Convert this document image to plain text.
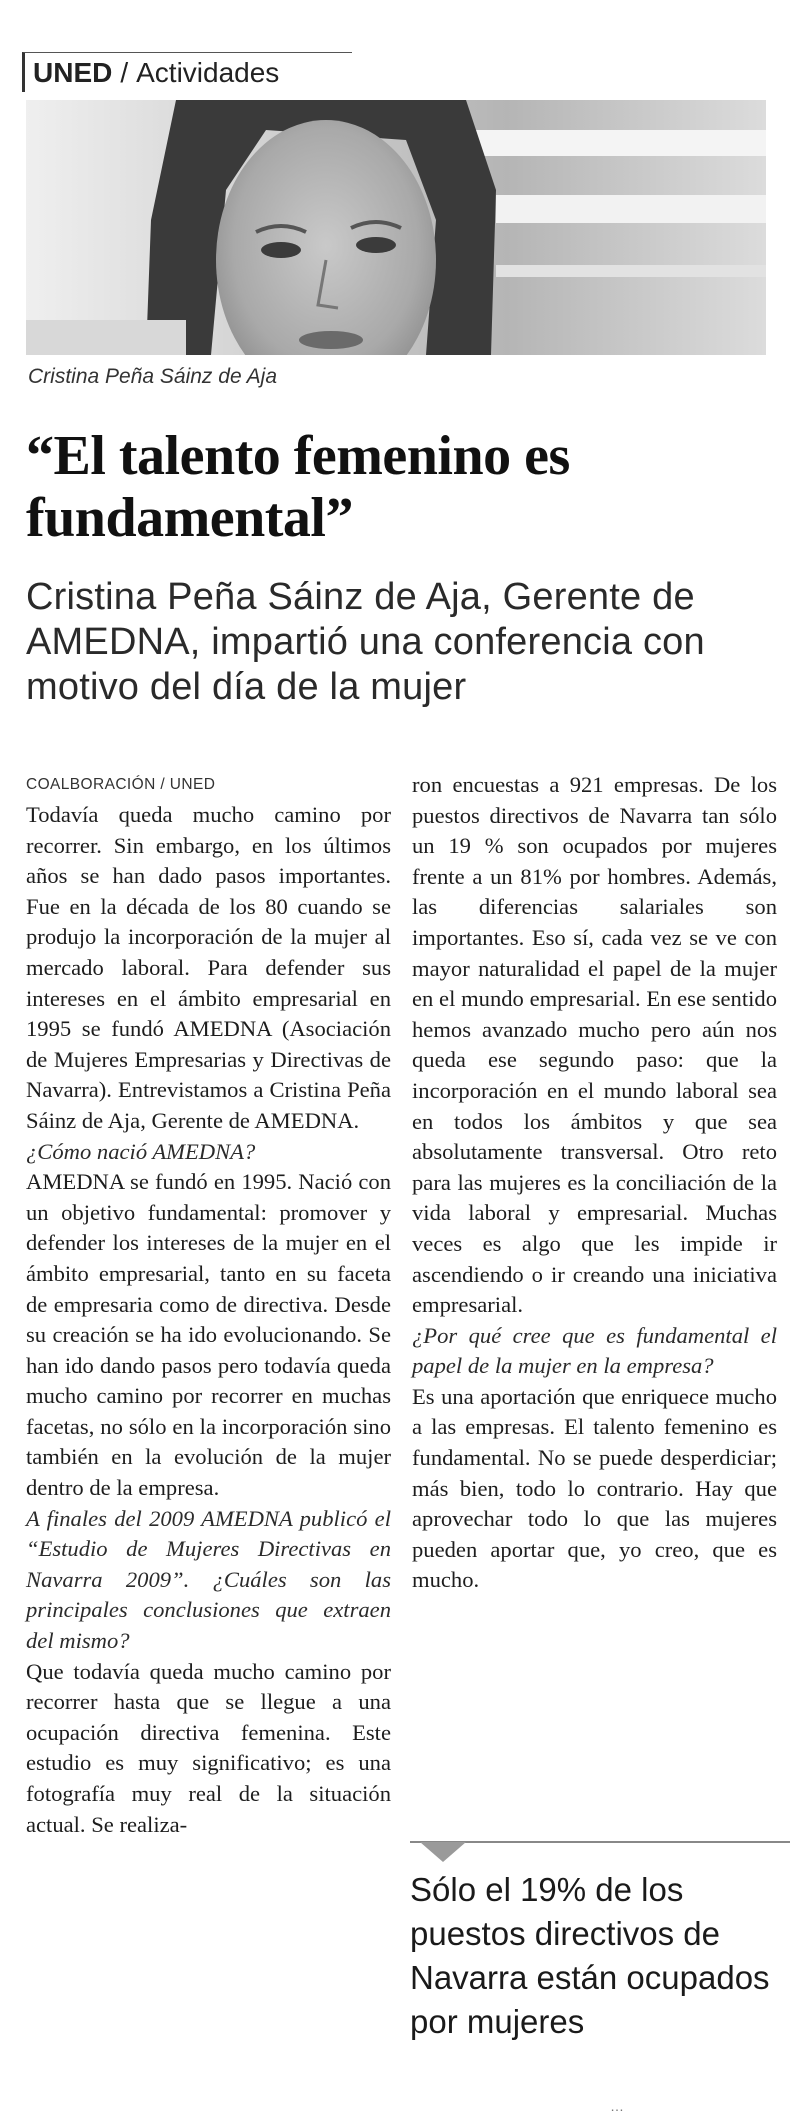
UNED / Actividades
Cristina Peña Sáinz de Aja
“El talento femenino es fundamental”
Cristina Peña Sáinz de Aja, Gerente de AMEDNA, impartió una conferencia con motivo del día de la mujer
COALBORACIÓN / UNED

Todavía queda mucho camino por recorrer. Sin embargo, en los últimos años se han dado pasos importantes. Fue en la década de los 80 cuando se produjo la incorporación de la mujer al mercado laboral. Para defender sus intereses en el ámbito empresarial en 1995 se fundó AMEDNA (Asociación de Mujeres Empresarias y Directivas de Navarra). Entrevistamos a Cristina Peña Sáinz de Aja, Gerente de AMEDNA.

¿Cómo nació AMEDNA?

AMEDNA se fundó en 1995. Nació con un objetivo fundamental: promover y defender los intereses de la mujer en el ámbito empresarial, tanto en su faceta de empresaria como de directiva. Desde su creación se ha ido evolucionando. Se han ido dando pasos pero todavía queda mucho camino por recorrer en muchas facetas, no sólo en la incorporación sino también en la evolución de la mujer dentro de la empresa.

A finales del 2009 AMEDNA publicó el “Estudio de Mujeres Directivas en Navarra 2009”. ¿Cuáles son las principales conclusiones que extraen del mismo?

Que todavía queda mucho camino por recorrer hasta que se llegue a una ocupación directiva femenina. Este estudio es muy significativo; es una fotografía muy real de la situación actual. Se realiza-

ron encuestas a 921 empresas. De los puestos directivos de Navarra tan sólo un 19 % son ocupados por mujeres frente a un 81% por hombres. Además, las diferencias salariales son importantes. Eso sí, cada vez se ve con mayor naturalidad el papel de la mujer en el mundo empresarial. En ese sentido hemos avanzado mucho pero aún nos queda ese segundo paso: que la incorporación en el mundo laboral sea en todos los ámbitos y que sea absolutamente transversal. Otro reto para las mujeres es la conciliación de la vida laboral y empresarial. Muchas veces es algo que les impide ir ascendiendo o ir creando una iniciativa empresarial.

¿Por qué cree que es fundamental el papel de la mujer en la empresa?

Es una aportación que enriquece mucho a las empresas. El talento femenino es fundamental. No se puede desperdiciar; más bien, todo lo contrario. Hay que aprovechar todo lo que las mujeres pueden aportar que, yo creo, que es mucho.

Sólo el 19% de los puestos directivos de Navarra están ocupados por mujeres

…
